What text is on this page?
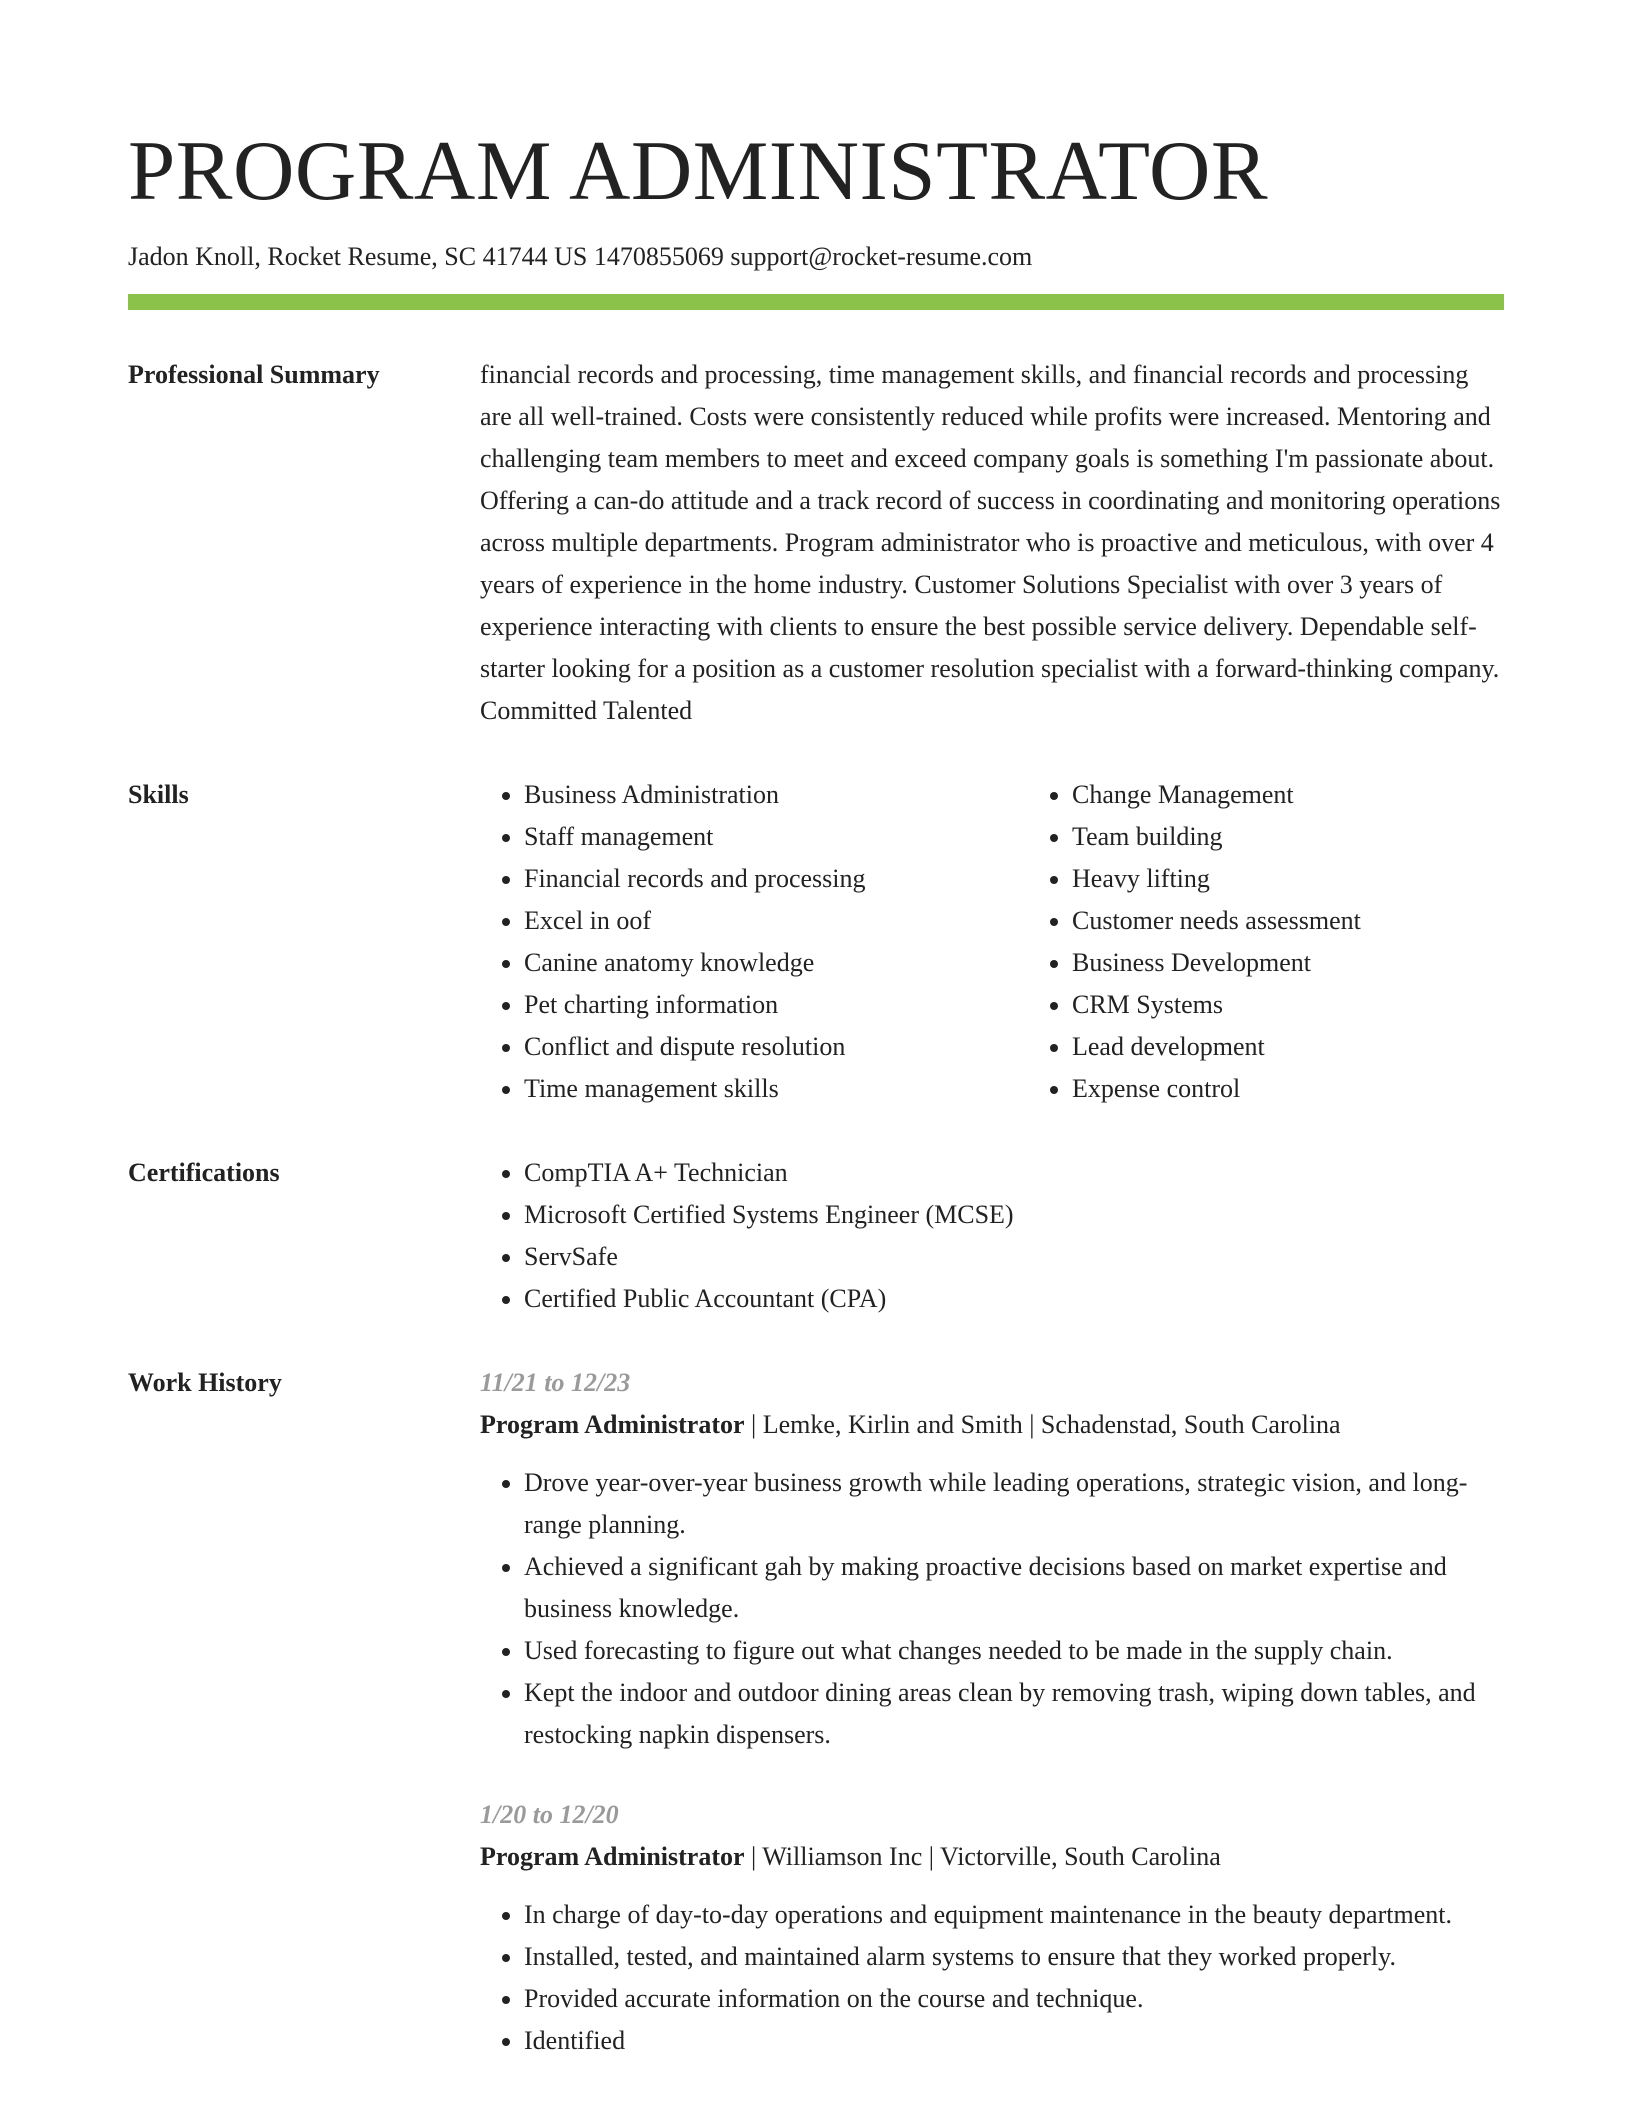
PROGRAM ADMINISTRATOR
Jadon Knoll, Rocket Resume, SC 41744 US 1470855069 support@rocket-resume.com
Professional Summary	financial records and processing, time management skills, and financial records and processing are all well-trained. Costs were consistently reduced while profits were increased. Mentoring and challenging team members to meet and exceed company goals is something I'm passionate about. Offering a can-do attitude and a track record of success in coordinating and monitoring operations across multiple departments. Program administrator who is proactive and meticulous, with over 4 years of experience in the home industry. Customer Solutions Specialist with over 3 years of experience interacting with clients to ensure the best possible service delivery. Dependable self-starter looking for a position as a customer resolution specialist with a forward-thinking company. Committed Talented

Skills	• Business Administration
• Staff management
• Financial records and processing
• Excel in oof
• Canine anatomy knowledge
• Pet charting information
• Conflict and dispute resolution
• Time management skills
• Change Management
• Team building
• Heavy lifting
• Customer needs assessment
• Business Development
• CRM Systems
• Lead development
• Expense control
Certifications	• CompTIA A+ Technician
• Microsoft Certified Systems Engineer (MCSE)
• ServSafe
• Certified Public Accountant (CPA)
Work History	11/21 to 12/23
Program Administrator | Lemke, Kirlin and Smith | Schadenstad, South Carolina
• Drove year-over-year business growth while leading operations, strategic vision, and long-range planning.
• Achieved a significant gah by making proactive decisions based on market expertise and business knowledge.
• Used forecasting to figure out what changes needed to be made in the supply chain.
• Kept the indoor and outdoor dining areas clean by removing trash, wiping down tables, and restocking napkin dispensers.
1/20 to 12/20
Program Administrator | Williamson Inc | Victorville, South Carolina
• In charge of day-to-day operations and equipment maintenance in the beauty department.
• Installed, tested, and maintained alarm systems to ensure that they worked properly.
• Provided accurate information on the course and technique.
• Identified
